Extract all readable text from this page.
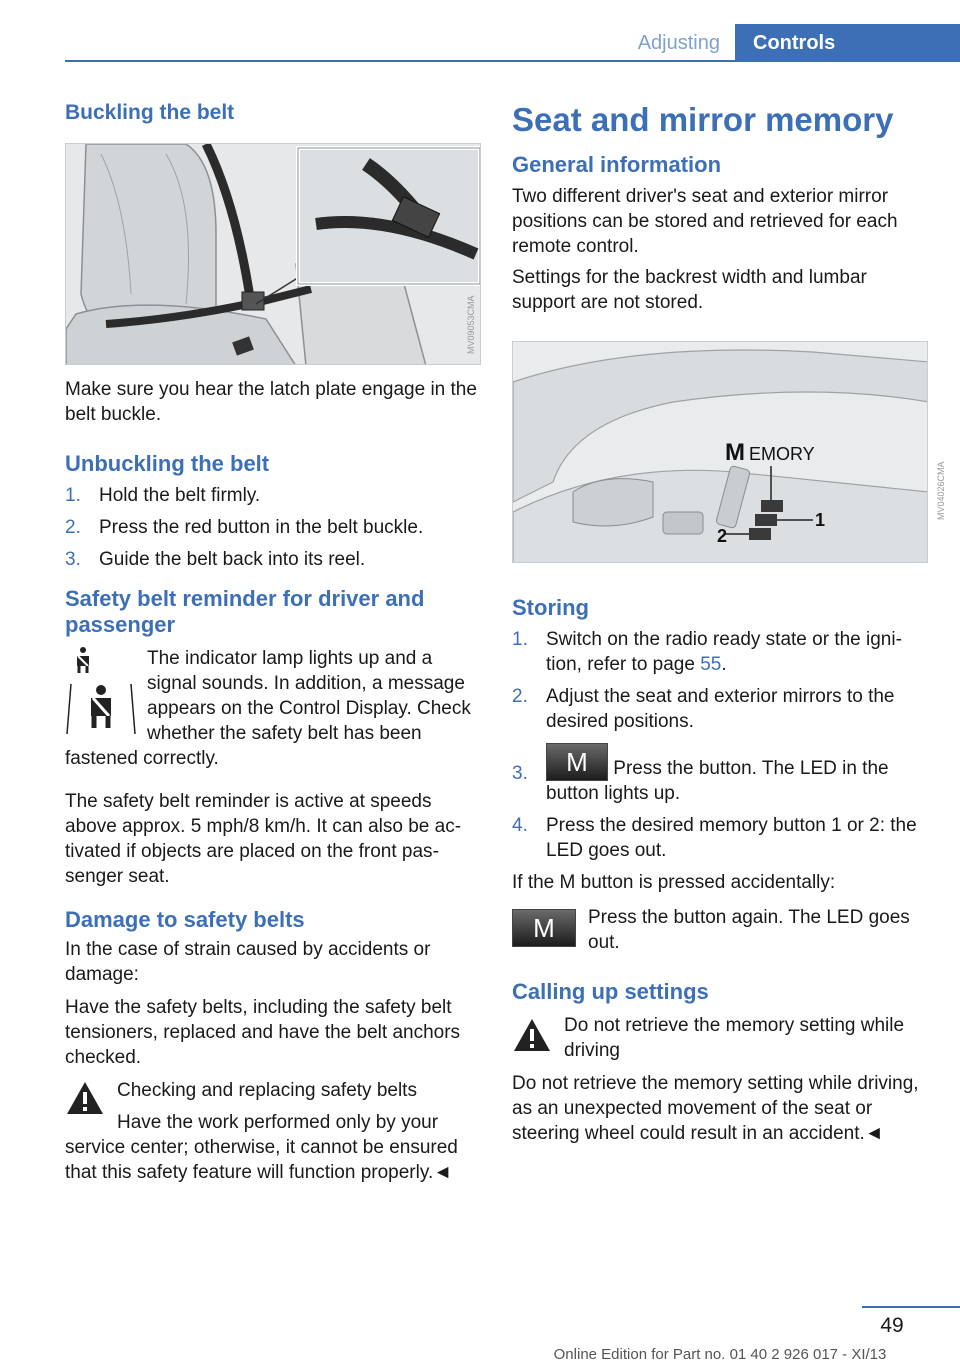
Adjusting	Controls
Buckling the belt
MV09053CMA

Make sure you hear the latch plate engage in the belt buckle.

Unbuckling the belt
1. Hold the belt firmly.
2. Press the red button in the belt buckle.
3. Guide the belt back into its reel.
Safety belt reminder for driver and passenger

The indicator lamp lights up and a signal sounds. In addition, a message appears on the Control Display. Check whether the safety belt has been fastened correctly.

The safety belt reminder is active at speeds above approx. 5 mph/8 km/h. It can also be activated if objects are placed on the front passenger seat.

Damage to safety belts

In the case of strain caused by accidents or damage:

Have the safety belts, including the safety belt tensioners, replaced and have the belt anchors checked.

Checking and replacing safety belts

Have the work performed only by your service center; otherwise, it cannot be ensured that this safety feature will function properly.◄

Seat and mirror memory
General information

Two different driver's seat and exterior mirror positions can be stored and retrieved for each remote control.

Settings for the backrest width and lumbar support are not stored.

2
1
M EMORY
MV04026CMA
Storing
1. Switch on the radio ready state or the ignition, refer to page 55.
2. Adjust the seat and exterior mirrors to the desired positions.
3. M Press the button. The LED in the button lights up.
4. Press the desired memory button 1 or 2: the LED goes out.

If the M button is pressed accidentally:

M	Press the button again. The LED goes out.

Calling up settings

Do not retrieve the memory setting while driving

Do not retrieve the memory setting while driving, as an unexpected movement of the seat or steering wheel could result in an accident.◄

49
Online Edition for Part no. 01 40 2 926 017 - XI/13
